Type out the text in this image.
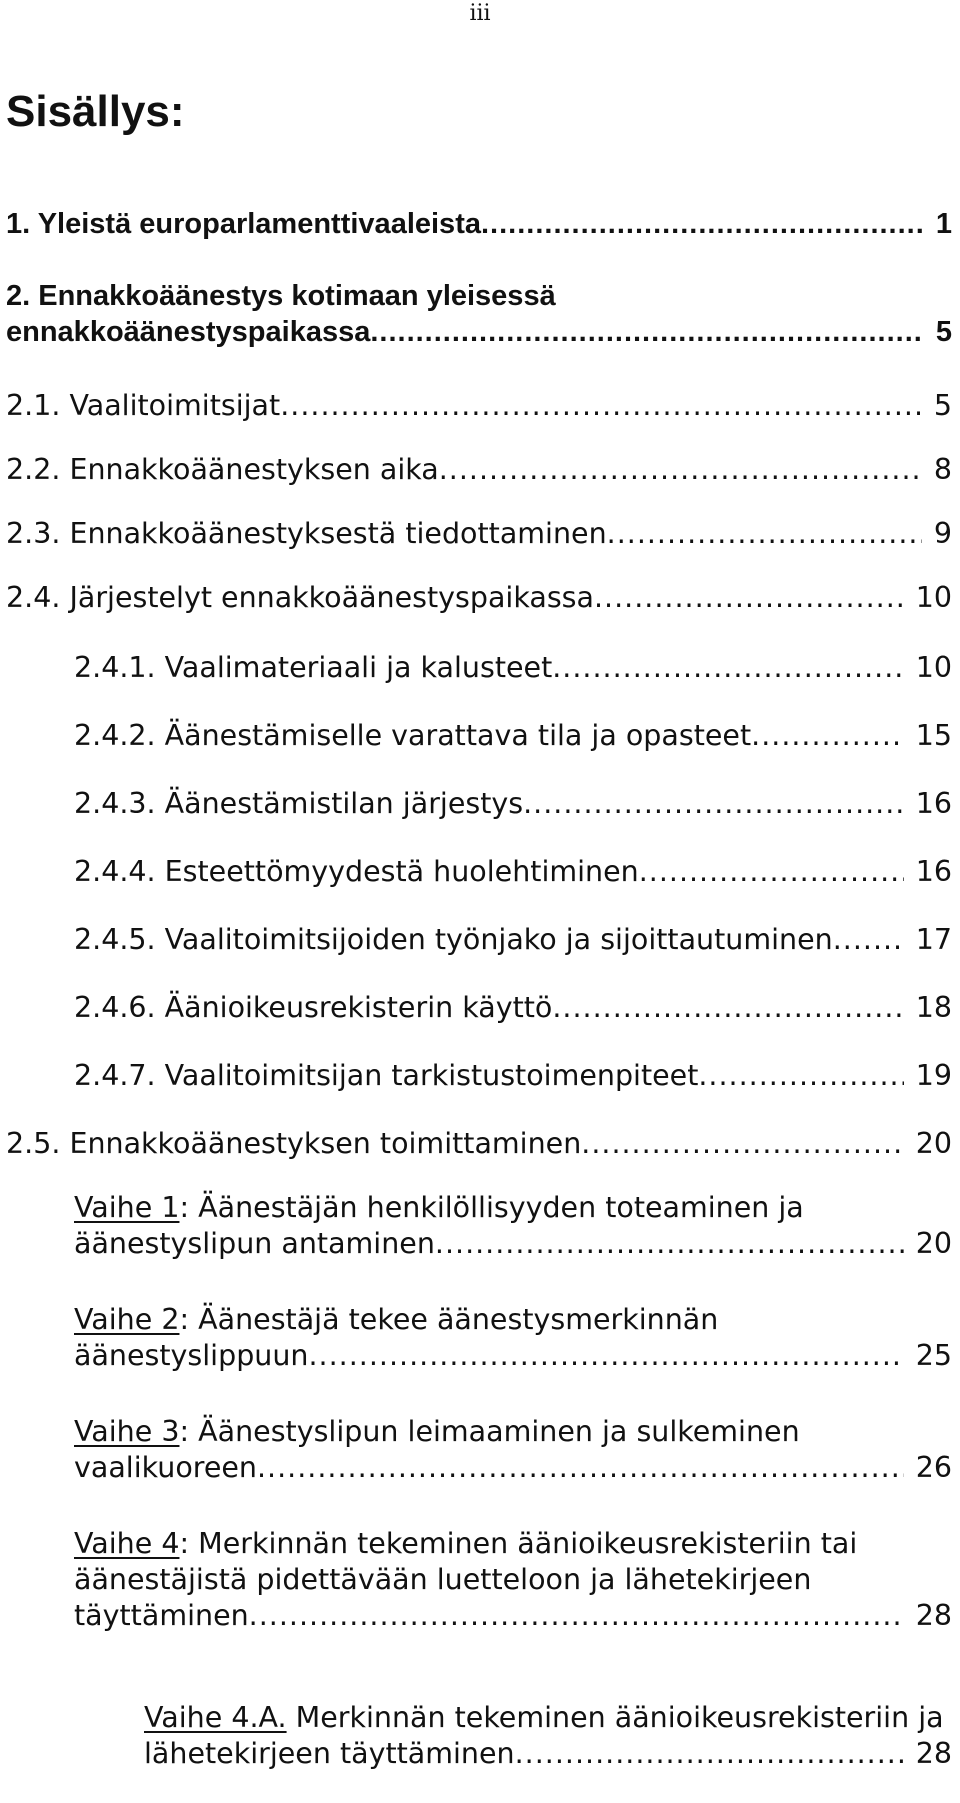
iii
Sisällys:
1. Yleistä europarlamenttivaaleista .....	1
2. Ennakkoäänestys kotimaan yleisessä
ennakkoäänestyspaikassa .....	5
2.1. Vaalitoimitsijat .....	5
2.2. Ennakkoäänestyksen aika .....	8
2.3. Ennakkoäänestyksestä tiedottaminen .....	9
2.4. Järjestelyt ennakkoäänestyspaikassa .....	10
2.4.1. Vaalimateriaali ja kalusteet .....	10
2.4.2. Äänestämiselle varattava tila ja opasteet .....	15
2.4.3. Äänestämistilan järjestys .....	16
2.4.4. Esteettömyydestä huolehtiminen .....	16
2.4.5. Vaalitoimitsijoiden työnjako ja sijoittautuminen .....	17
2.4.6. Äänioikeusrekisterin käyttö .....	18
2.4.7. Vaalitoimitsijan tarkistustoimenpiteet .....	19
2.5. Ennakkoäänestyksen toimittaminen .....	20
Vaihe 1: Äänestäjän henkilöllisyyden toteaminen ja
äänestyslipun antaminen .....	20
Vaihe 2: Äänestäjä tekee äänestysmerkinnän
äänestyslippuun .....	25
Vaihe 3: Äänestyslipun leimaaminen ja sulkeminen
vaalikuoreen .....	26
Vaihe 4: Merkinnän tekeminen äänioikeusrekisteriin tai
äänestäjistä pidettävään luetteloon ja lähetekirjeen
täyttäminen .....	28
Vaihe 4.A. Merkinnän tekeminen äänioikeusrekisteriin ja
lähetekirjeen täyttäminen .....	28
